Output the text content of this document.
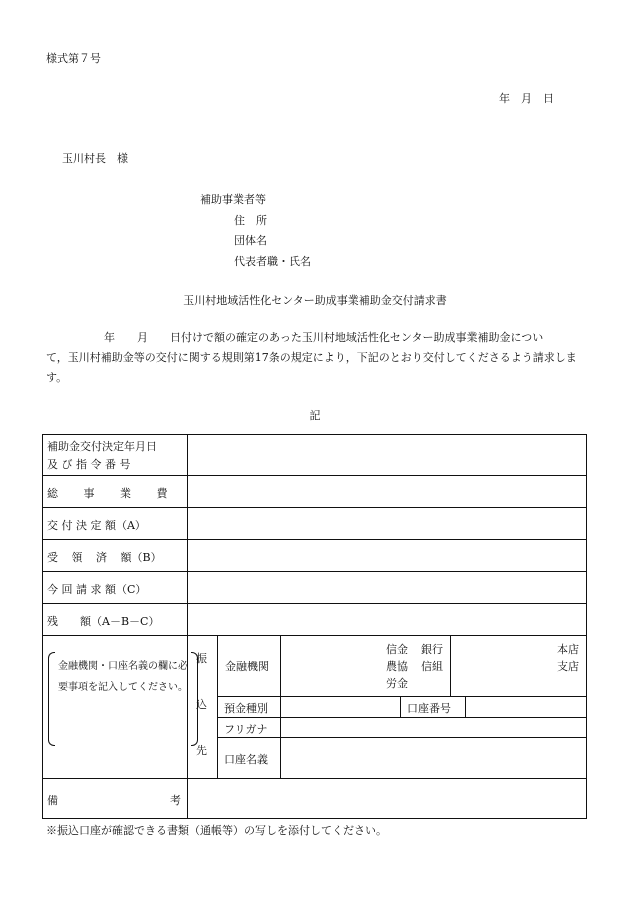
様式第７号
年　月　日
玉川村長　様
補助事業者等
住　所
団体名
代表者職・氏名
玉川村地域活性化センター助成事業補助金交付請求書
年　　月　　日付けで額の確定のあった玉川村地域活性化センター助成事業補助金につい
て，玉川村補助金等の交付に関する規則第17条の規定により，下記のとおり交付してくださるよう請求します。
記
補助金交付決定年月日
及 び 指 令 番 号
総 事 業 費
交 付 決 定 額（A）
受 領 済 額（B）
今 回 請 求 額（C）
残　　額（A－B－C）
金融機関・口座名義の欄に必要事項を記入してください。
振
込
先
金融機関
信金
農協
労金
銀行
信組
本店
支店
預金種別	口座番号
フリガナ
口座名義
備	考
※振込口座が確認できる書類（通帳等）の写しを添付してください。
